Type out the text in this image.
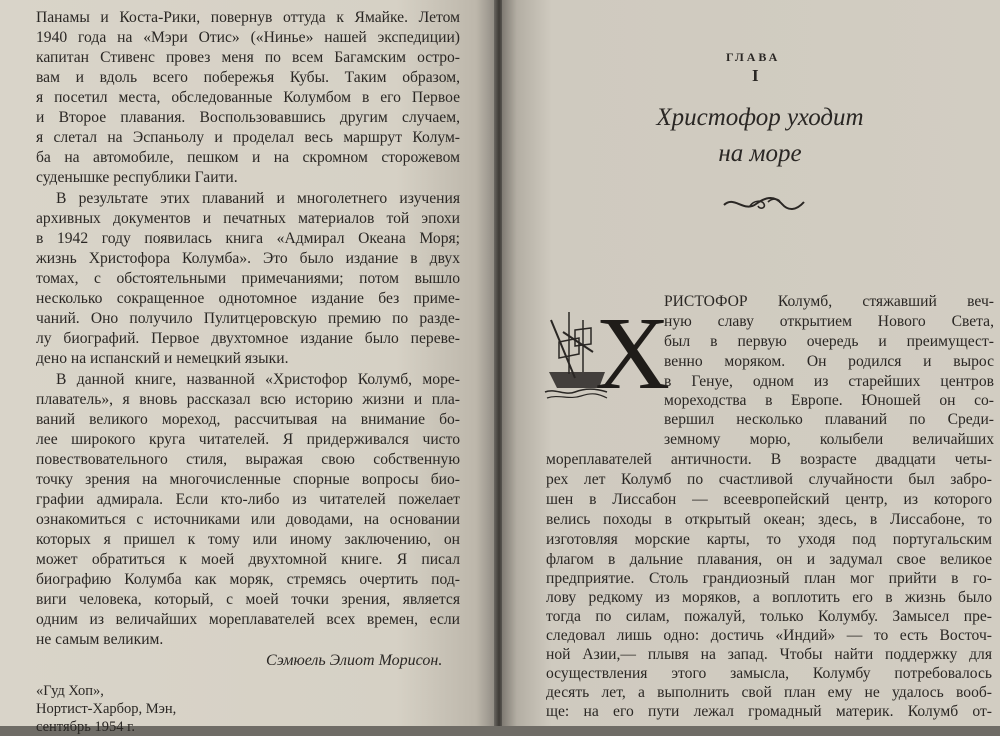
Панамы и Коста-Рики, повернув оттуда к Ямайке. Летом
1940 года на «Мэри Отис» («Нинье» нашей экспедиции)
капитан Стивенс провез меня по всем Багамским остро-
вам и вдоль всего побережья Кубы. Таким образом,
я посетил места, обследованные Колумбом в его Первое
и Второе плавания. Воспользовавшись другим случаем,
я слетал на Эспаньолу и проделал весь маршрут Колум-
ба на автомобиле, пешком и на скромном сторожевом
суденышке республики Гаити.
В результате этих плаваний и многолетнего изучения
архивных документов и печатных материалов той эпохи
в 1942 году появилась книга «Адмирал Океана Моря;
жизнь Христофора Колумба». Это было издание в двух
томах, с обстоятельными примечаниями; потом вышло
несколько сокращенное однотомное издание без приме-
чаний. Оно получило Пулитцеровскую премию по разде-
лу биографий. Первое двухтомное издание было переве-
дено на испанский и немецкий языки.
В данной книге, названной «Христофор Колумб, море-
плаватель», я вновь рассказал всю историю жизни и пла-
ваний великого мореход, рассчитывая на внимание бо-
лее широкого круга читателей. Я придерживался чисто
повествовательного стиля, выражая свою собственную
точку зрения на многочисленные спорные вопросы био-
графии адмирала. Если кто-либо из читателей пожелает
ознакомиться с источниками или доводами, на основании
которых я пришел к тому или иному заключению, он
может обратиться к моей двухтомной книге. Я писал
биографию Колумба как моряк, стремясь очертить под-
виги человека, который, с моей точки зрения, является
одним из величайших мореплавателей всех времен, если
не самым великим.
Сэмюель Элиот Морисон.
«Гуд Хоп»,
Нортист-Харбор, Мэн,
сентябрь 1954 г.
ГЛАВА
I
Христофор уходит
на море
Х
РИСТОФОР Колумб, стяжавший веч-
ную славу открытием Нового Света,
был в первую очередь и преимущест-
венно моряком. Он родился и вырос
в Генуе, одном из старейших центров
мореходства в Европе. Юношей он со-
вершил несколько плаваний по Среди-
земному морю, колыбели величайших
мореплавателей античности. В возрасте двадцати четы-
рех лет Колумб по счастливой случайности был забро-
шен в Лиссабон — всеевропейский центр, из которого
велись походы в открытый океан; здесь, в Лиссабоне, то
изготовляя морские карты, то уходя под португальским
флагом в дальние плавания, он и задумал свое великое
предприятие. Столь грандиозный план мог прийти в го-
лову редкому из моряков, а воплотить его в жизнь было
тогда по силам, пожалуй, только Колумбу. Замысел пре-
следовал лишь одно: достичь «Индий» — то есть Восточ-
ной Азии,— плывя на запад. Чтобы найти поддержку для
осуществления этого замысла, Колумбу потребовалось
десять лет, а выполнить свой план ему не удалось вооб-
ще: на его пути лежал громадный материк. Колумб от-
